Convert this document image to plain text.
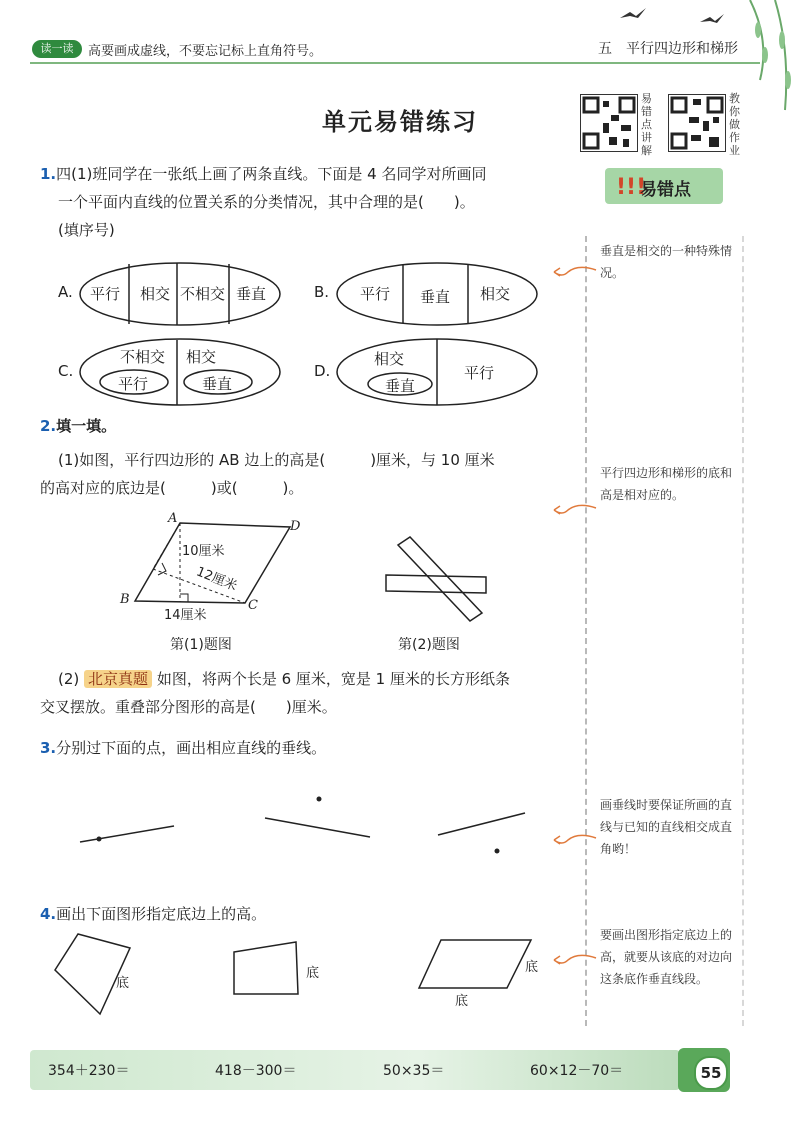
读一读	高要画成虚线，不要忘记标上直角符号。	五　平行四边形和梯形
单元易错练习
易
错
点
讲
解
教
你
做
作
业
!!!
易错点
垂直是相交的一种特殊情况。
平行四边形和梯形的底和高是相对应的。
画垂线时要保证所画的直线与已知的直线相交成直角哟！
要画出图形指定底边上的高，就要从该底的对边向这条底作垂直线段。
1.四(1)班同学在一张纸上画了两条直线。下面是 4 名同学对所画同
一个平面内直线的位置关系的分类情况，其中合理的是(　　)。
(填序号)
A. 平行 相交 不相交 垂直	B. 平行 垂直 相交
C.
不相交 相交
平行	垂直
D.
相交
垂直
平行
2.填一填。
(1)如图，平行四边形的 AB 边上的高是(　　　)厘米，与 10 厘米
的高对应的底边是(　　　)或(　　　)。
A
D
B	C
10厘米
12厘米
14厘米
第(1)题图	第(2)题图
(2) 北京真题 如图，将两个长是 6 厘米，宽是 1 厘米的长方形纸条
交叉摆放。重叠部分图形的高是(　　)厘米。
3.分别过下面的点，画出相应直线的垂线。
4.画出下面图形指定底边上的高。
底
底	底
底
354＋230＝	418－300＝	50×35＝	60×12－70＝	55
